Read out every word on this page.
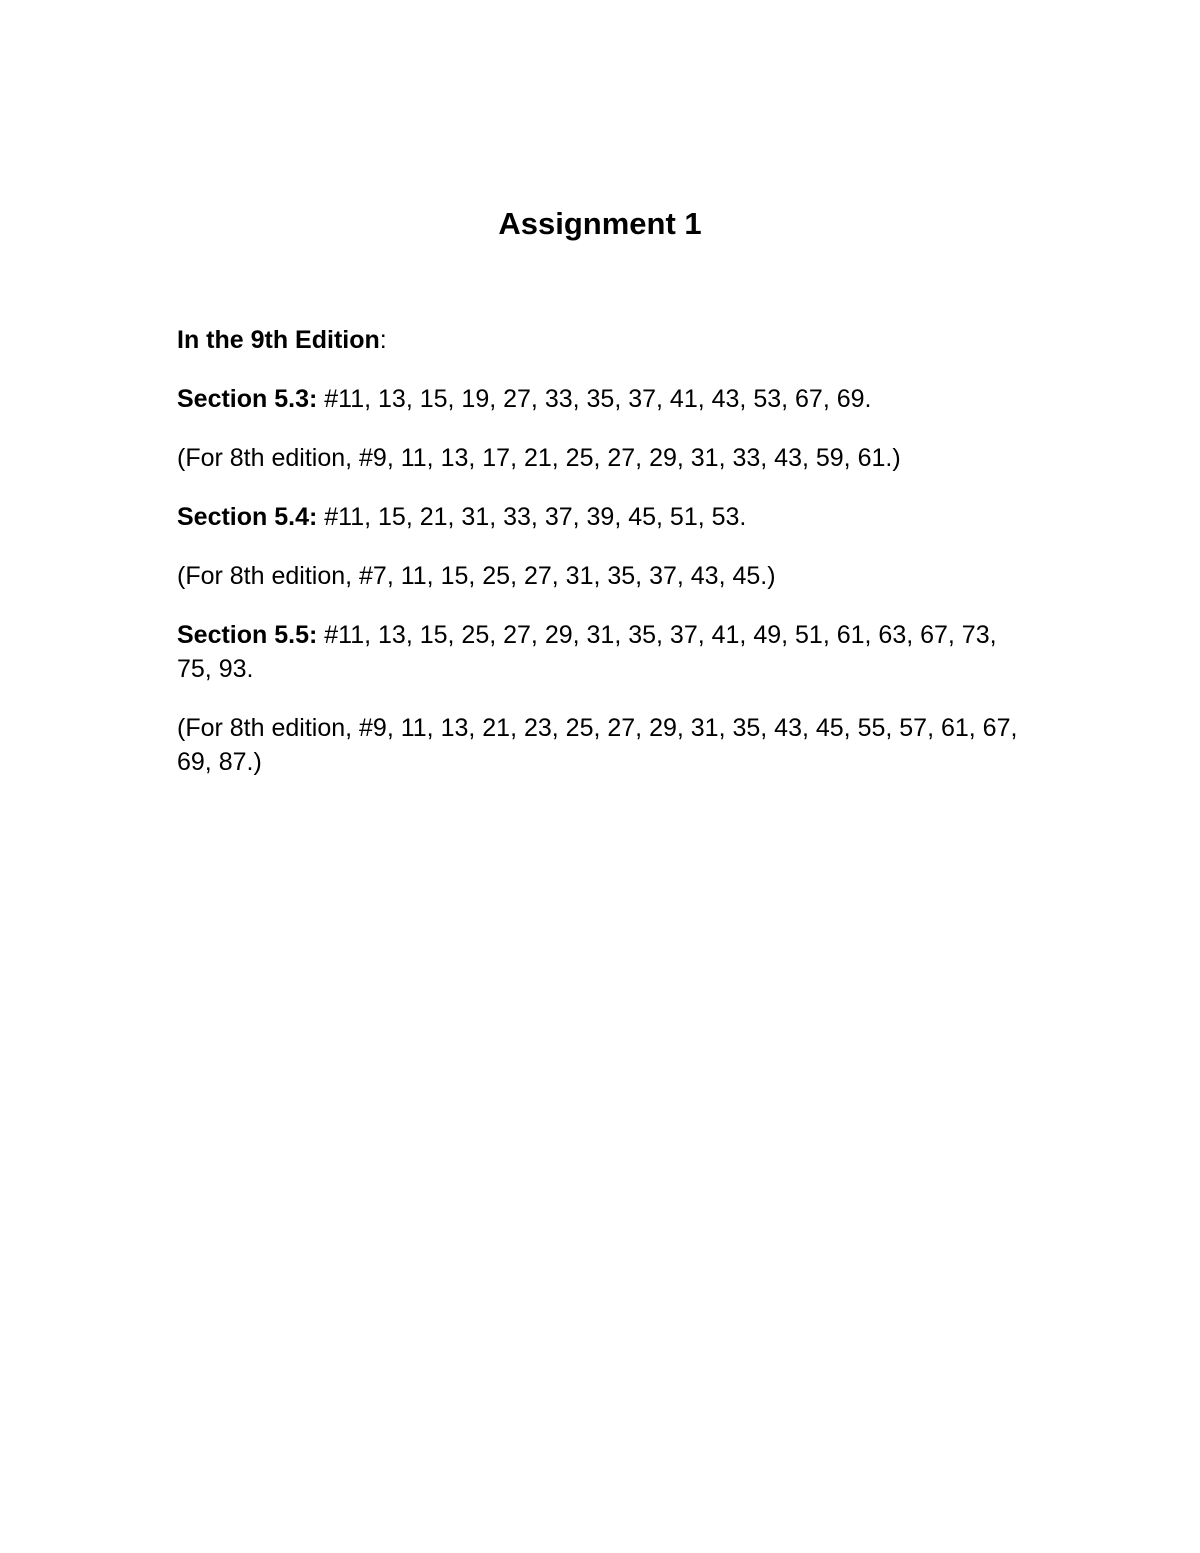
Assignment 1

In the 9th Edition:

Section 5.3: #11, 13, 15, 19, 27, 33, 35, 37, 41, 43, 53, 67, 69.

(For 8th edition, #9, 11, 13, 17, 21, 25, 27, 29, 31, 33, 43, 59, 61.)

Section 5.4: #11, 15, 21, 31, 33, 37, 39, 45, 51, 53.

(For 8th edition, #7, 11, 15, 25, 27, 31, 35, 37, 43, 45.)

Section 5.5: #11, 13, 15, 25, 27, 29, 31, 35, 37, 41, 49, 51, 61, 63, 67, 73, 75, 93.

(For 8th edition, #9, 11, 13, 21, 23, 25, 27, 29, 31, 35, 43, 45, 55, 57, 61, 67, 69, 87.)
